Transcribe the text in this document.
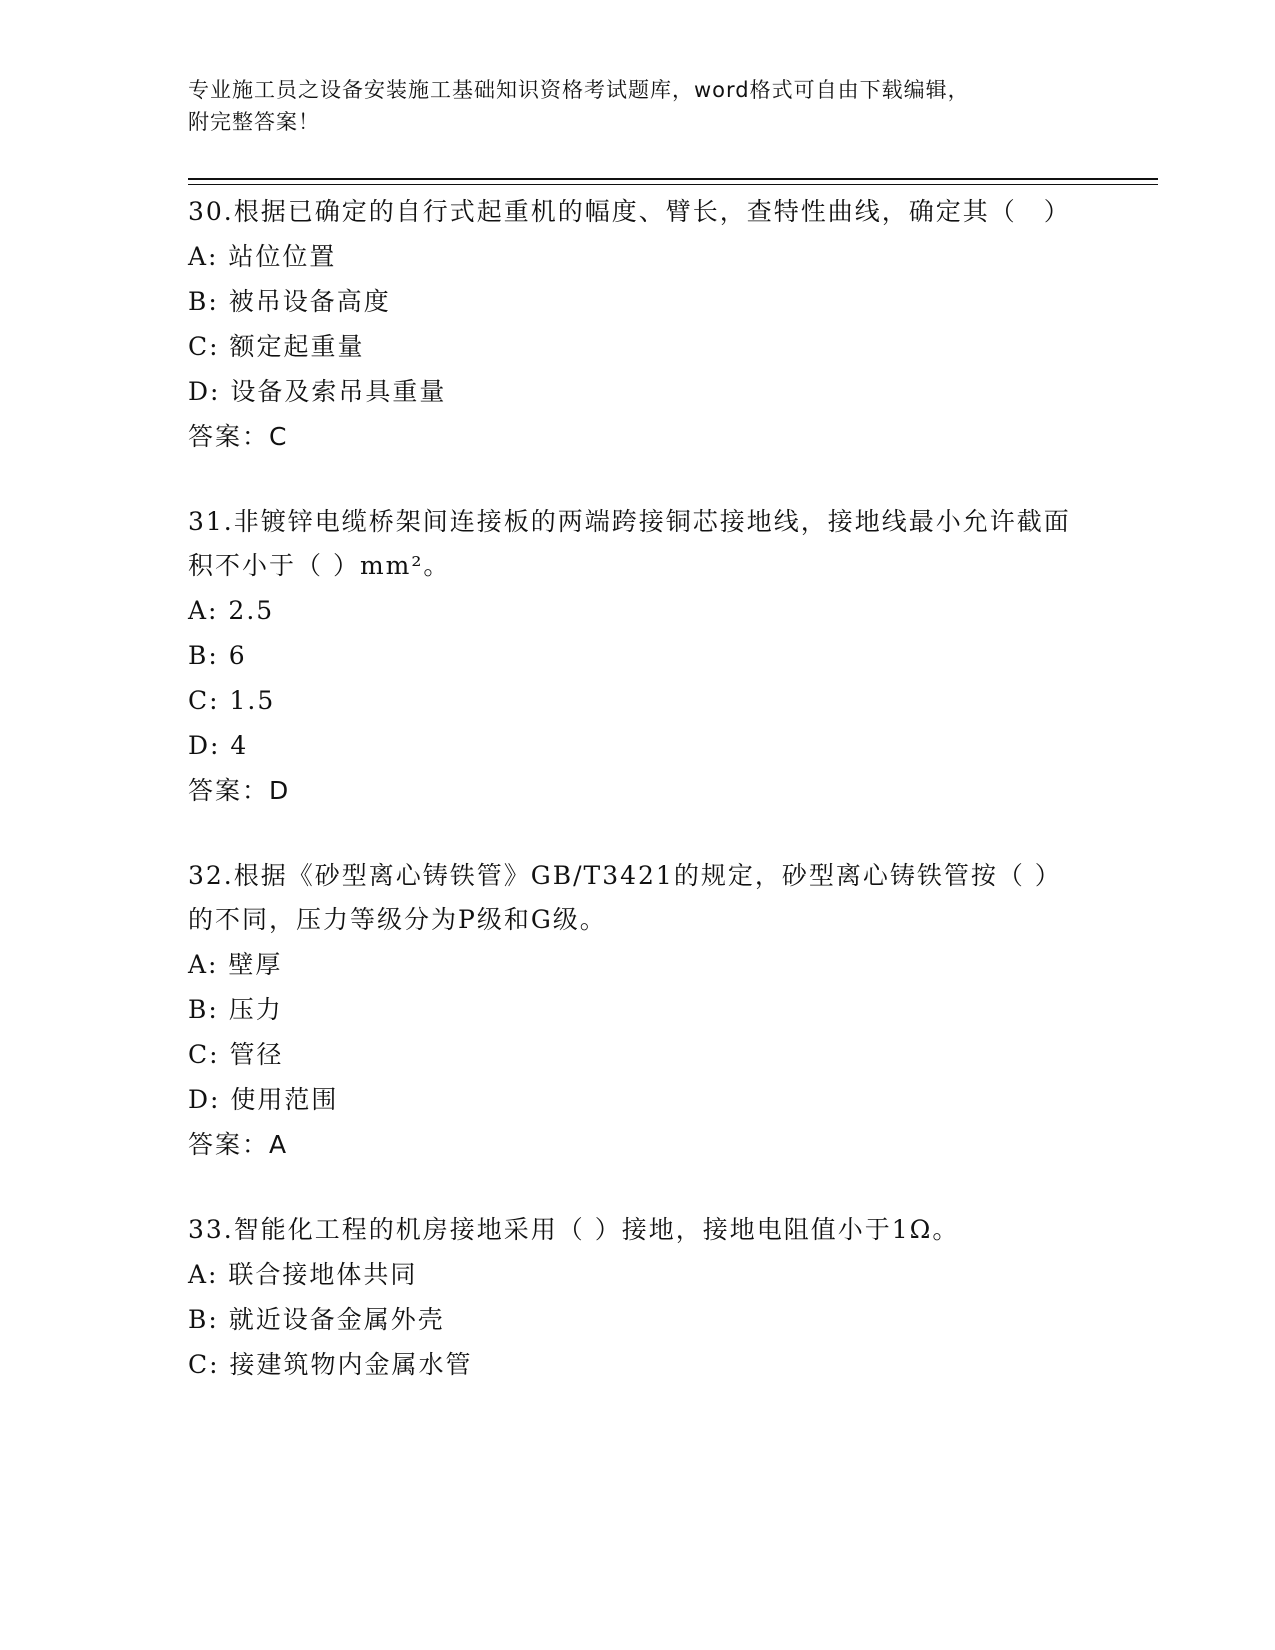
专业施工员之设备安装施工基础知识资格考试题库，word格式可自由下载编辑，
附完整答案！

30.根据已确定的自行式起重机的幅度、臂长，查特性曲线，确定其（　）

A: 站位位置

B: 被吊设备高度

C: 额定起重量

D: 设备及索吊具重量

答案：C

31.非镀锌电缆桥架间连接板的两端跨接铜芯接地线，接地线最小允许截面积不小于（ ）mm²。

A: 2.5

B: 6

C: 1.5

D: 4

答案：D

32.根据《砂型离心铸铁管》GB/T3421的规定，砂型离心铸铁管按（ ）的不同，压力等级分为P级和G级。

A: 壁厚

B: 压力

C: 管径

D: 使用范围

答案：A

33.智能化工程的机房接地采用（ ）接地，接地电阻值小于1Ω。

A: 联合接地体共同

B: 就近设备金属外壳

C: 接建筑物内金属水管
